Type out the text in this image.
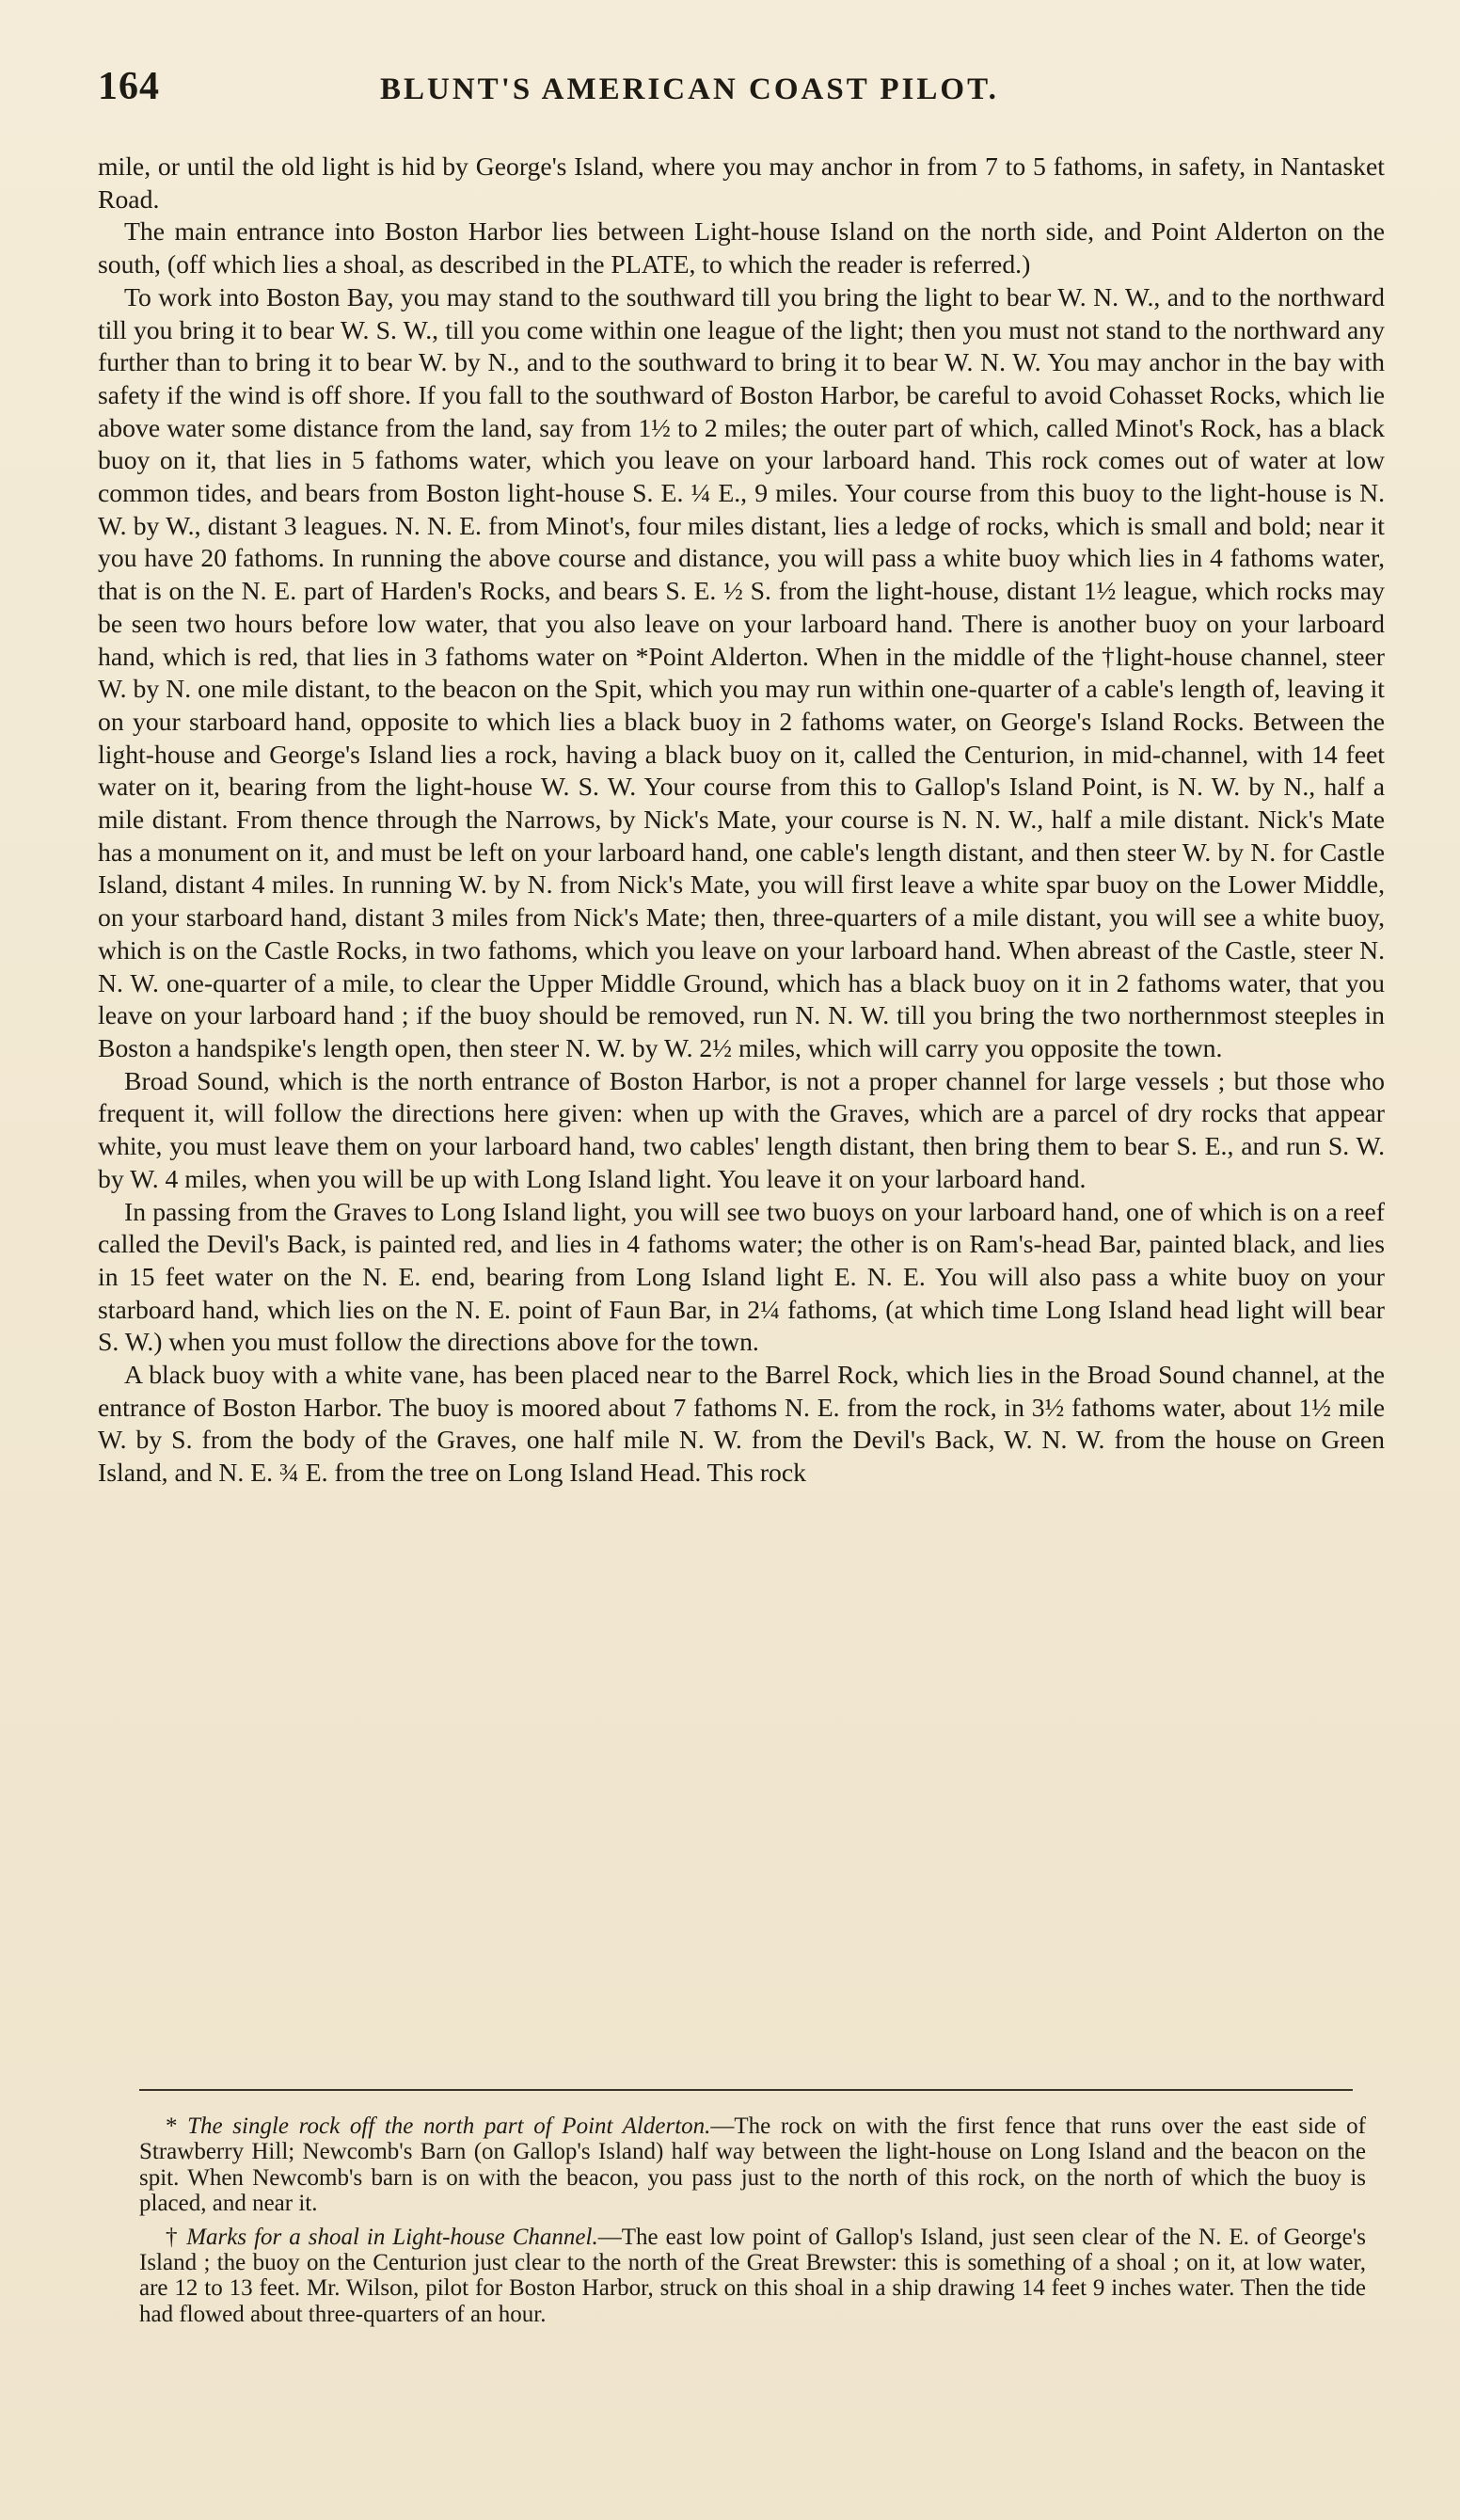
164	BLUNT'S AMERICAN COAST PILOT.

mile, or until the old light is hid by George's Island, where you may anchor in from 7 to 5 fathoms, in safety, in Nantasket Road.

The main entrance into Boston Harbor lies between Light-house Island on the north side, and Point Alderton on the south, (off which lies a shoal, as described in the PLATE, to which the reader is referred.)

To work into Boston Bay, you may stand to the southward till you bring the light to bear W. N. W., and to the northward till you bring it to bear W. S. W., till you come within one league of the light; then you must not stand to the northward any further than to bring it to bear W. by N., and to the southward to bring it to bear W. N. W. You may anchor in the bay with safety if the wind is off shore. If you fall to the southward of Boston Harbor, be careful to avoid Cohasset Rocks, which lie above water some distance from the land, say from 1½ to 2 miles; the outer part of which, called Minot's Rock, has a black buoy on it, that lies in 5 fathoms water, which you leave on your larboard hand. This rock comes out of water at low common tides, and bears from Boston light-house S. E. ¼ E., 9 miles. Your course from this buoy to the light-house is N. W. by W., distant 3 leagues. N. N. E. from Minot's, four miles distant, lies a ledge of rocks, which is small and bold; near it you have 20 fathoms. In running the above course and distance, you will pass a white buoy which lies in 4 fathoms water, that is on the N. E. part of Harden's Rocks, and bears S. E. ½ S. from the light-house, distant 1½ league, which rocks may be seen two hours before low water, that you also leave on your larboard hand. There is another buoy on your larboard hand, which is red, that lies in 3 fathoms water on *Point Alderton. When in the middle of the †light-house channel, steer W. by N. one mile distant, to the beacon on the Spit, which you may run within one-quarter of a cable's length of, leaving it on your starboard hand, opposite to which lies a black buoy in 2 fathoms water, on George's Island Rocks. Between the light-house and George's Island lies a rock, having a black buoy on it, called the Centurion, in mid-channel, with 14 feet water on it, bearing from the light-house W. S. W. Your course from this to Gallop's Island Point, is N. W. by N., half a mile distant. From thence through the Narrows, by Nick's Mate, your course is N. N. W., half a mile distant. Nick's Mate has a monument on it, and must be left on your larboard hand, one cable's length distant, and then steer W. by N. for Castle Island, distant 4 miles. In running W. by N. from Nick's Mate, you will first leave a white spar buoy on the Lower Middle, on your starboard hand, distant 3 miles from Nick's Mate; then, three-quarters of a mile distant, you will see a white buoy, which is on the Castle Rocks, in two fathoms, which you leave on your larboard hand. When abreast of the Castle, steer N. N. W. one-quarter of a mile, to clear the Upper Middle Ground, which has a black buoy on it in 2 fathoms water, that you leave on your larboard hand ; if the buoy should be removed, run N. N. W. till you bring the two northernmost steeples in Boston a handspike's length open, then steer N. W. by W. 2½ miles, which will carry you opposite the town.

Broad Sound, which is the north entrance of Boston Harbor, is not a proper channel for large vessels ; but those who frequent it, will follow the directions here given: when up with the Graves, which are a parcel of dry rocks that appear white, you must leave them on your larboard hand, two cables' length distant, then bring them to bear S. E., and run S. W. by W. 4 miles, when you will be up with Long Island light. You leave it on your larboard hand.

In passing from the Graves to Long Island light, you will see two buoys on your larboard hand, one of which is on a reef called the Devil's Back, is painted red, and lies in 4 fathoms water; the other is on Ram's-head Bar, painted black, and lies in 15 feet water on the N. E. end, bearing from Long Island light E. N. E. You will also pass a white buoy on your starboard hand, which lies on the N. E. point of Faun Bar, in 2¼ fathoms, (at which time Long Island head light will bear S. W.) when you must follow the directions above for the town.

A black buoy with a white vane, has been placed near to the Barrel Rock, which lies in the Broad Sound channel, at the entrance of Boston Harbor. The buoy is moored about 7 fathoms N. E. from the rock, in 3½ fathoms water, about 1½ mile W. by S. from the body of the Graves, one half mile N. W. from the Devil's Back, W. N. W. from the house on Green Island, and N. E. ¾ E. from the tree on Long Island Head. This rock

* The single rock off the north part of Point Alderton.—The rock on with the first fence that runs over the east side of Strawberry Hill; Newcomb's Barn (on Gallop's Island) half way between the light-house on Long Island and the beacon on the spit. When Newcomb's barn is on with the beacon, you pass just to the north of this rock, on the north of which the buoy is placed, and near it.

† Marks for a shoal in Light-house Channel.—The east low point of Gallop's Island, just seen clear of the N. E. of George's Island ; the buoy on the Centurion just clear to the north of the Great Brewster: this is something of a shoal ; on it, at low water, are 12 to 13 feet. Mr. Wilson, pilot for Boston Harbor, struck on this shoal in a ship drawing 14 feet 9 inches water. Then the tide had flowed about three-quarters of an hour.
